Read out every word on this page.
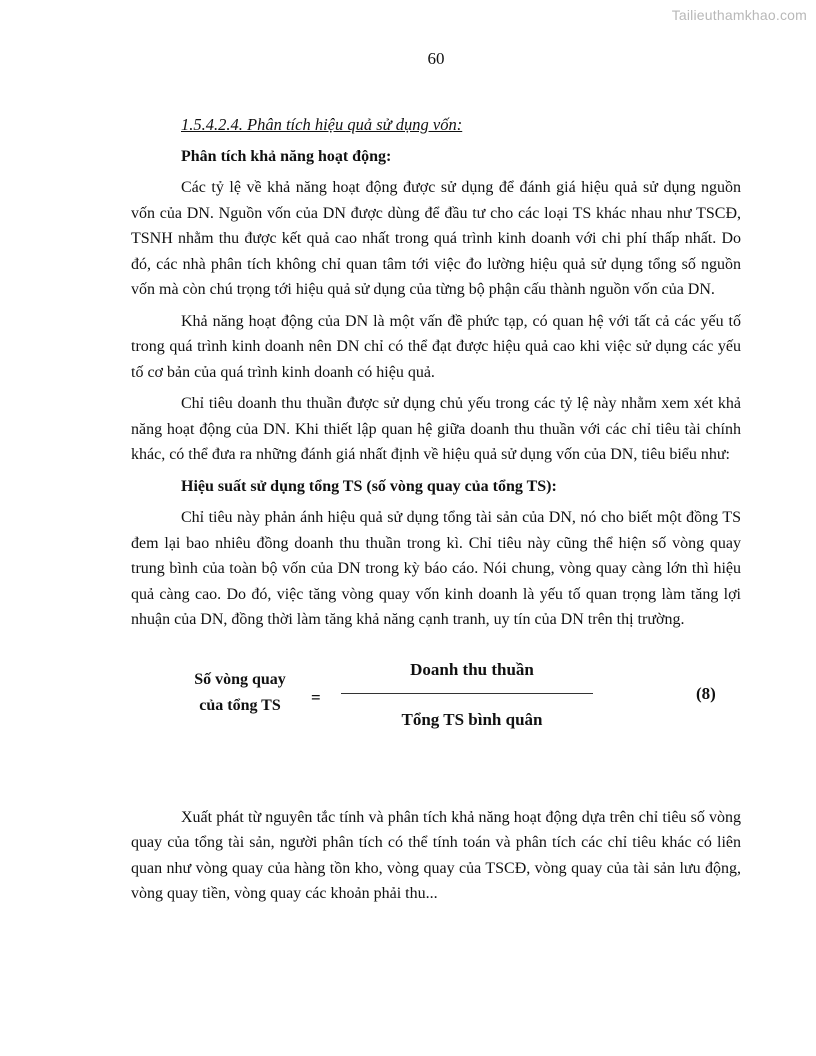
Tailieuthamkhao.com
60

1.5.4.2.4. Phân tích hiệu quả sử dụng vốn:

Phân tích khả năng hoạt động:

Các tỷ lệ về khả năng hoạt động được sử dụng để đánh giá hiệu quả sử dụng nguồn vốn của DN. Nguồn vốn của DN được dùng để đầu tư cho các loại TS khác nhau như TSCĐ, TSNH nhằm thu được kết quả cao nhất trong quá trình kinh doanh với chi phí thấp nhất. Do đó, các nhà phân tích không chỉ quan tâm tới việc đo lường hiệu quả sử dụng tổng số nguồn vốn mà còn chú trọng tới hiệu quả sử dụng của từng bộ phận cấu thành nguồn vốn của DN.

Khả năng hoạt động của DN là một vấn đề phức tạp, có quan hệ với tất cả các yếu tố trong quá trình kinh doanh nên DN chỉ có thể đạt được hiệu quả cao khi việc sử dụng các yếu tố cơ bản của quá trình kinh doanh có hiệu quả.

Chỉ tiêu doanh thu thuần được sử dụng chủ yếu trong các tỷ lệ này nhằm xem xét khả năng hoạt động của DN. Khi thiết lập quan hệ giữa doanh thu thuần với các chỉ tiêu tài chính khác, có thể đưa ra những đánh giá nhất định về hiệu quả sử dụng vốn của DN, tiêu biểu như:

Hiệu suất sử dụng tổng TS (số vòng quay của tổng TS):

Chỉ tiêu này phản ánh hiệu quả sử dụng tổng tài sản của DN, nó cho biết một đồng TS đem lại bao nhiêu đồng doanh thu thuần trong kì. Chỉ tiêu này cũng thể hiện số vòng quay trung bình của toàn bộ vốn của DN trong kỳ báo cáo. Nói chung, vòng quay càng lớn thì hiệu quả càng cao. Do đó, việc tăng vòng quay vốn kinh doanh là yếu tố quan trọng làm tăng lợi nhuận của DN, đồng thời làm tăng khả năng cạnh tranh, uy tín của DN trên thị trường.

Số vòng quay
của tổng TS	=
Doanh thu thuần
Tổng TS bình quân
(8)

Xuất phát từ nguyên tắc tính và phân tích khả năng hoạt động dựa trên chỉ tiêu số vòng quay của tổng tài sản, người phân tích có thể tính toán và phân tích các chỉ tiêu khác có liên quan như vòng quay của hàng tồn kho, vòng quay của TSCĐ, vòng quay của tài sản lưu động, vòng quay tiền, vòng quay các khoản phải thu...
